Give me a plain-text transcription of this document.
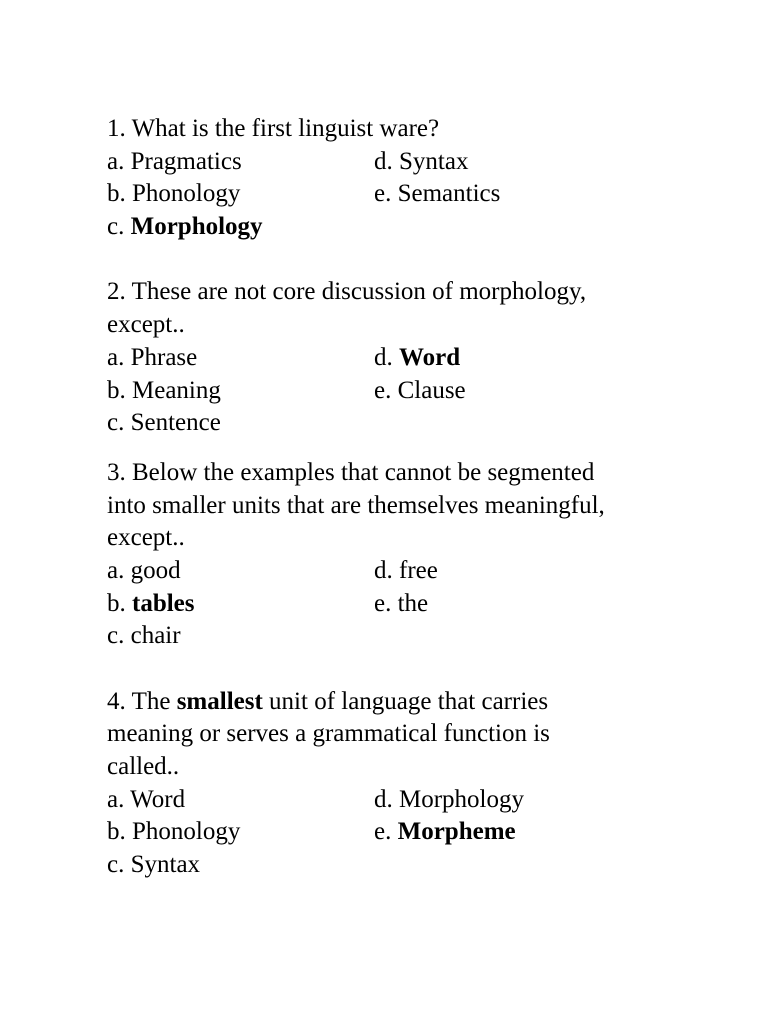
1. What is the first linguist ware?
a. Pragmatics	d. Syntax
b. Phonology	e. Semantics
c. Morphology
2. These are not core discussion of morphology,
except..
a. Phrase	d. Word
b. Meaning	e. Clause
c. Sentence
3. Below the examples that cannot be segmented
into smaller units that are themselves meaningful,
except..
a. good	d. free
b. tables	e. the
c. chair
4. The smallest unit of language that carries
meaning or serves a grammatical function is
called..
a. Word	d. Morphology
b. Phonology	e. Morpheme
c. Syntax
